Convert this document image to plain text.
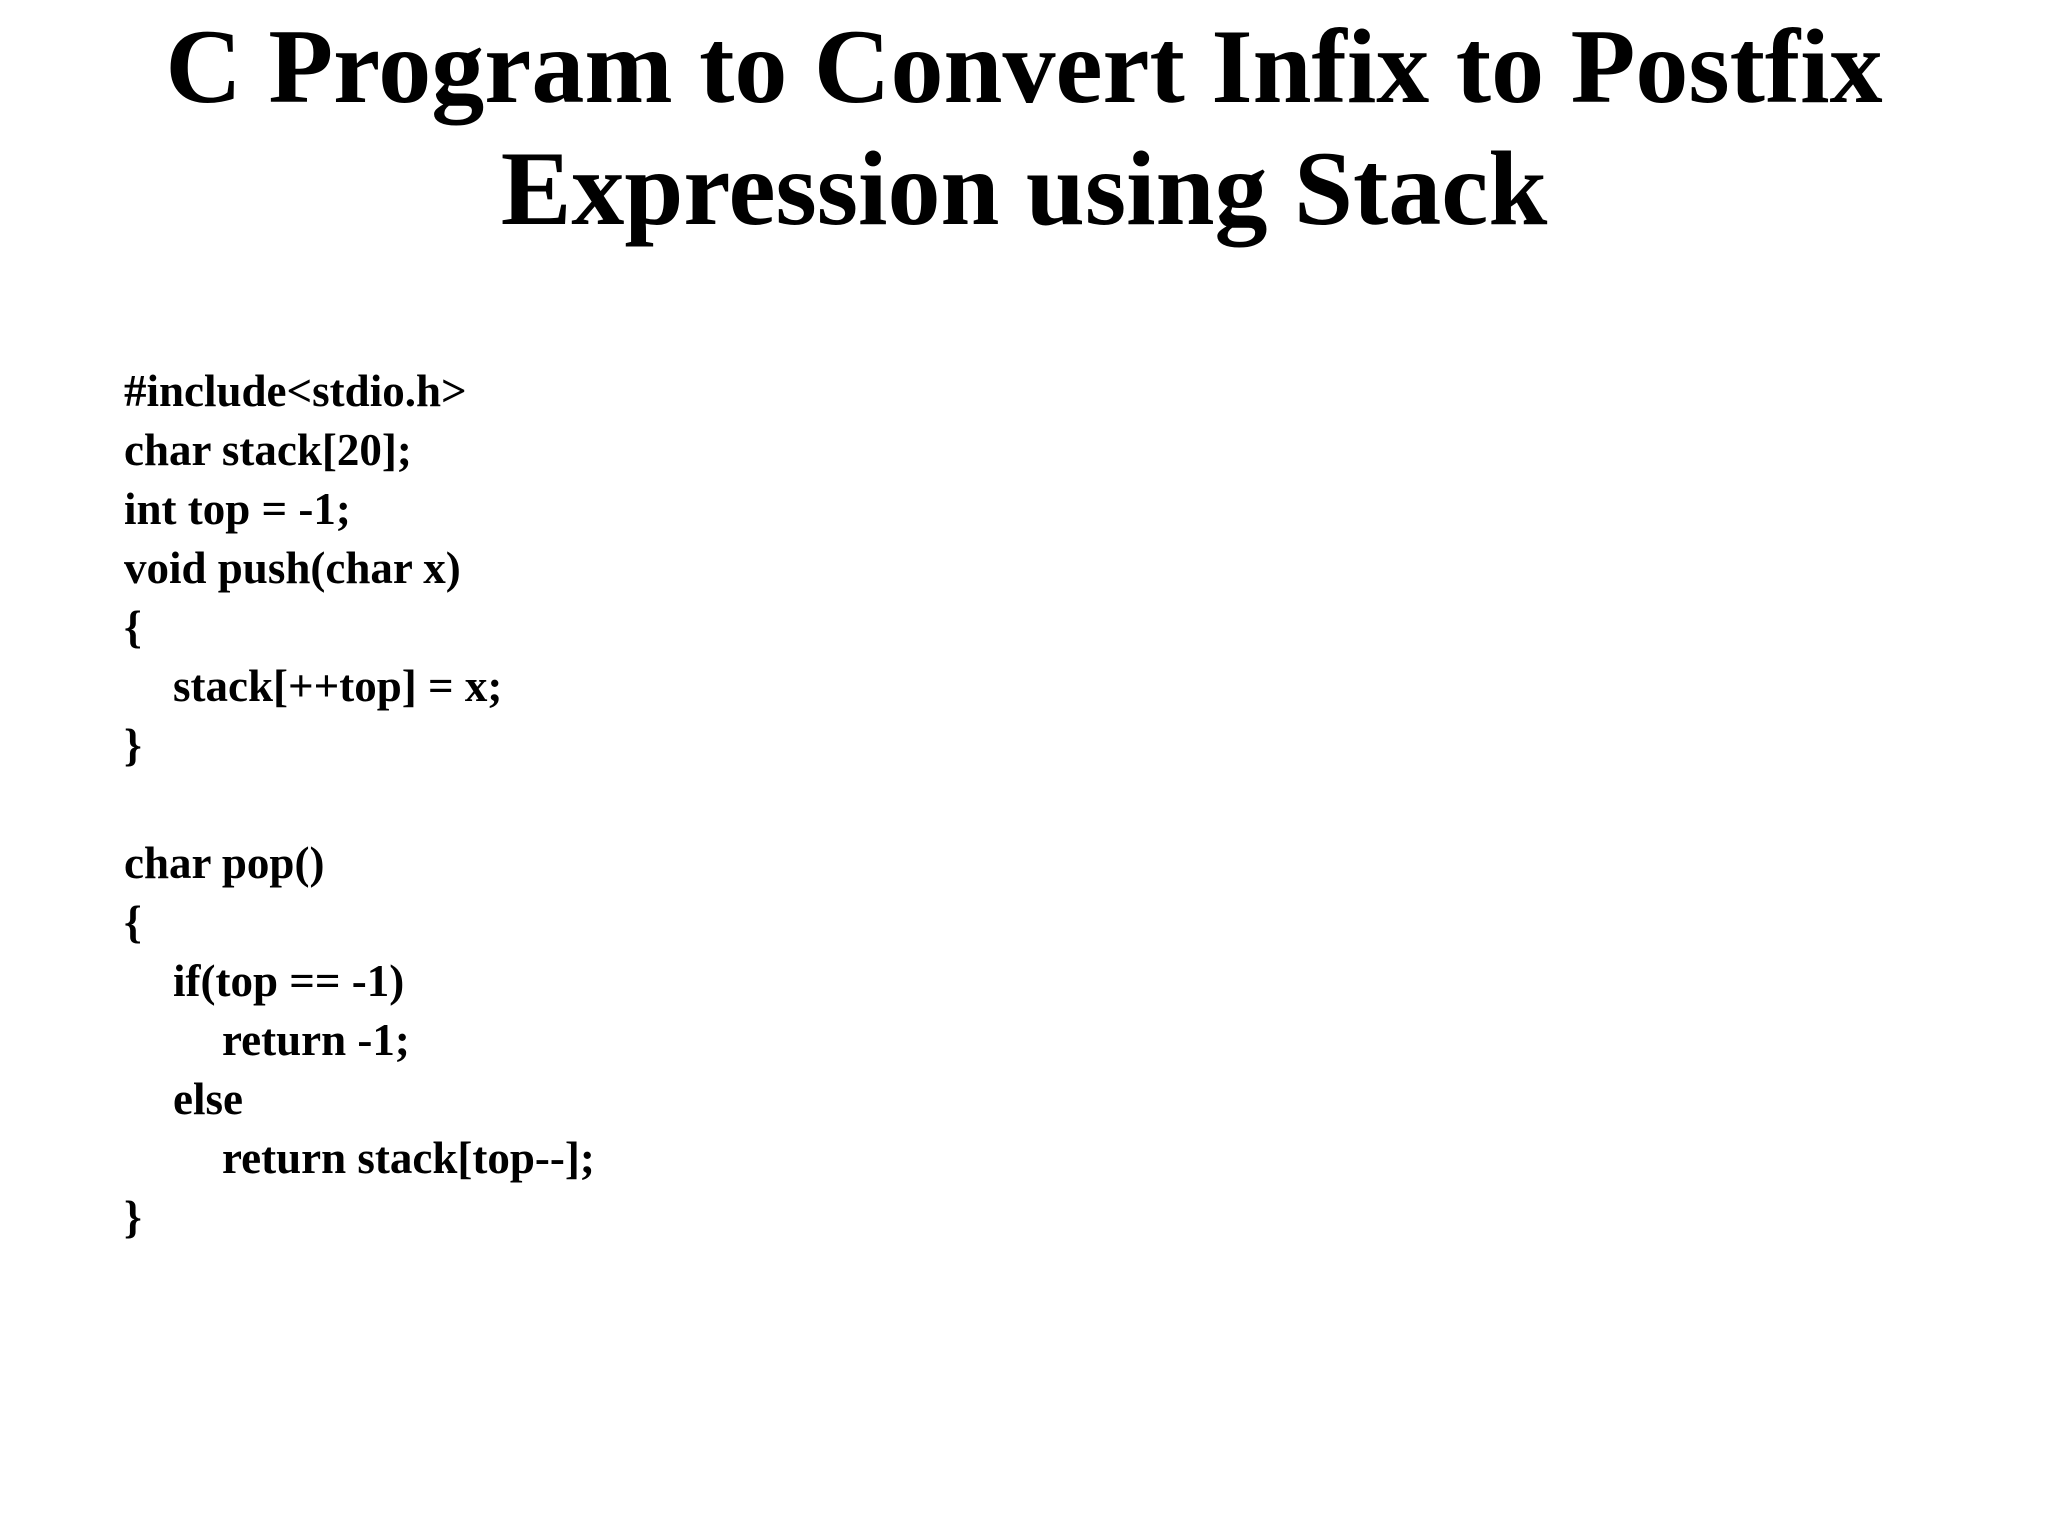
C Program to Convert Infix to Postfix
Expression using Stack
#include<stdio.h>
char stack[20];
int top = -1;
void push(char x)
{
stack[++top] = x;
}
char pop()
{
if(top == -1)
return -1;
else
return stack[top--];
}
